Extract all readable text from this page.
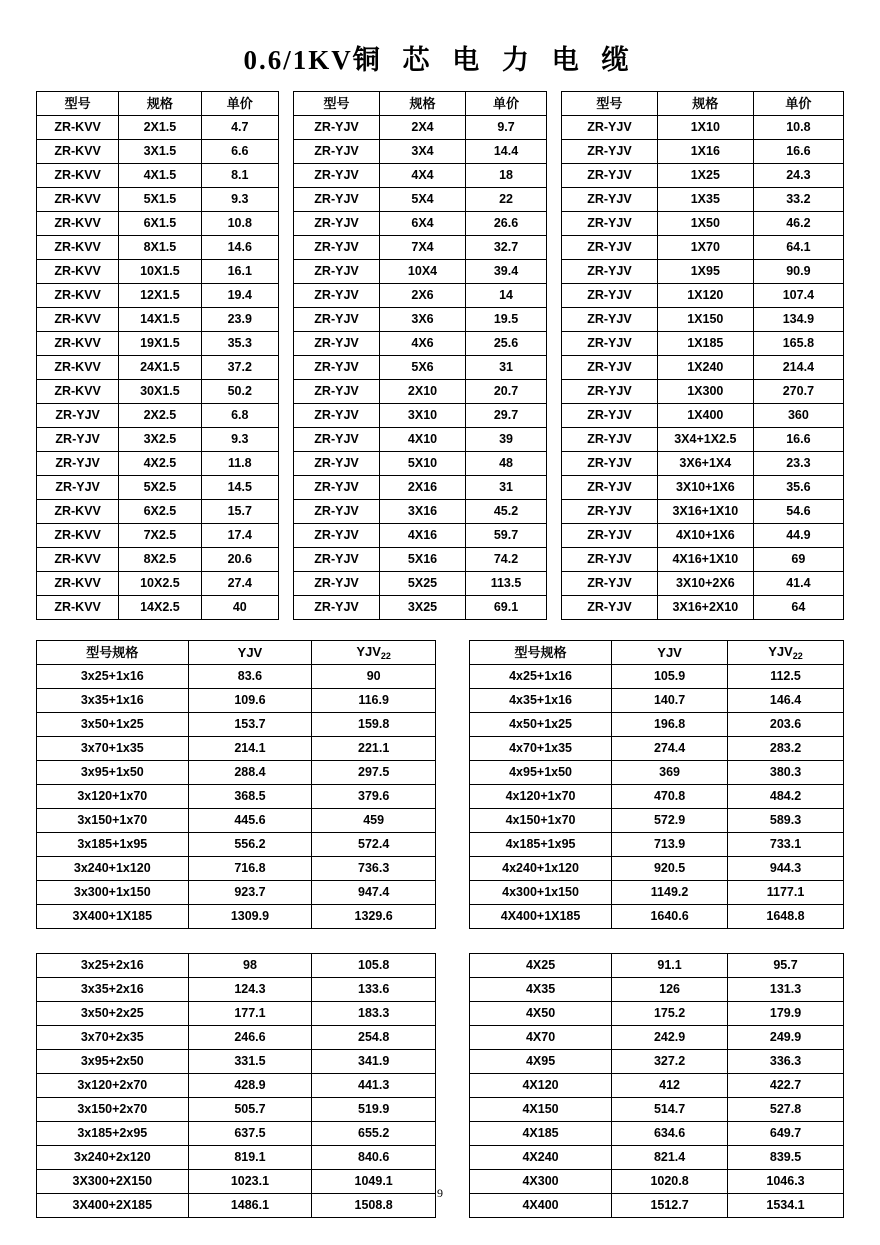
0.6/1KV铜 芯 电 力 电 缆
型号	规格	单价
ZR-KVV	2X1.5	4.7
ZR-KVV	3X1.5	6.6
ZR-KVV	4X1.5	8.1
ZR-KVV	5X1.5	9.3
ZR-KVV	6X1.5	10.8
ZR-KVV	8X1.5	14.6
ZR-KVV	10X1.5	16.1
ZR-KVV	12X1.5	19.4
ZR-KVV	14X1.5	23.9
ZR-KVV	19X1.5	35.3
ZR-KVV	24X1.5	37.2
ZR-KVV	30X1.5	50.2
ZR-YJV	2X2.5	6.8
ZR-YJV	3X2.5	9.3
ZR-YJV	4X2.5	11.8
ZR-YJV	5X2.5	14.5
ZR-KVV	6X2.5	15.7
ZR-KVV	7X2.5	17.4
ZR-KVV	8X2.5	20.6
ZR-KVV	10X2.5	27.4
ZR-KVV	14X2.5	40
型号	规格	单价
ZR-YJV	2X4	9.7
ZR-YJV	3X4	14.4
ZR-YJV	4X4	18
ZR-YJV	5X4	22
ZR-YJV	6X4	26.6
ZR-YJV	7X4	32.7
ZR-YJV	10X4	39.4
ZR-YJV	2X6	14
ZR-YJV	3X6	19.5
ZR-YJV	4X6	25.6
ZR-YJV	5X6	31
ZR-YJV	2X10	20.7
ZR-YJV	3X10	29.7
ZR-YJV	4X10	39
ZR-YJV	5X10	48
ZR-YJV	2X16	31
ZR-YJV	3X16	45.2
ZR-YJV	4X16	59.7
ZR-YJV	5X16	74.2
ZR-YJV	5X25	113.5
ZR-YJV	3X25	69.1
型号	规格	单价
ZR-YJV	1X10	10.8
ZR-YJV	1X16	16.6
ZR-YJV	1X25	24.3
ZR-YJV	1X35	33.2
ZR-YJV	1X50	46.2
ZR-YJV	1X70	64.1
ZR-YJV	1X95	90.9
ZR-YJV	1X120	107.4
ZR-YJV	1X150	134.9
ZR-YJV	1X185	165.8
ZR-YJV	1X240	214.4
ZR-YJV	1X300	270.7
ZR-YJV	1X400	360
ZR-YJV	3X4+1X2.5	16.6
ZR-YJV	3X6+1X4	23.3
ZR-YJV	3X10+1X6	35.6
ZR-YJV	3X16+1X10	54.6
ZR-YJV	4X10+1X6	44.9
ZR-YJV	4X16+1X10	69
ZR-YJV	3X10+2X6	41.4
ZR-YJV	3X16+2X10	64
型号规格	YJV	$YJV_{22}$
3x25+1x16	83.6	90
3x35+1x16	109.6	116.9
3x50+1x25	153.7	159.8
3x70+1x35	214.1	221.1
3x95+1x50	288.4	297.5
3x120+1x70	368.5	379.6
3x150+1x70	445.6	459
3x185+1x95	556.2	572.4
3x240+1x120	716.8	736.3
3x300+1x150	923.7	947.4
3X400+1X185	1309.9	1329.6
型号规格	YJV	$YJV_{22}$
4x25+1x16	105.9	112.5
4x35+1x16	140.7	146.4
4x50+1x25	196.8	203.6
4x70+1x35	274.4	283.2
4x95+1x50	369	380.3
4x120+1x70	470.8	484.2
4x150+1x70	572.9	589.3
4x185+1x95	713.9	733.1
4x240+1x120	920.5	944.3
4x300+1x150	1149.2	1177.1
4X400+1X185	1640.6	1648.8
3x25+2x16	98	105.8
3x35+2x16	124.3	133.6
3x50+2x25	177.1	183.3
3x70+2x35	246.6	254.8
3x95+2x50	331.5	341.9
3x120+2x70	428.9	441.3
3x150+2x70	505.7	519.9
3x185+2x95	637.5	655.2
3x240+2x120	819.1	840.6
3X300+2X150	1023.1	1049.1
3X400+2X185	1486.1	1508.8
4X25	91.1	95.7
4X35	126	131.3
4X50	175.2	179.9
4X70	242.9	249.9
4X95	327.2	336.3
4X120	412	422.7
4X150	514.7	527.8
4X185	634.6	649.7
4X240	821.4	839.5
4X300	1020.8	1046.3
4X400	1512.7	1534.1
9
